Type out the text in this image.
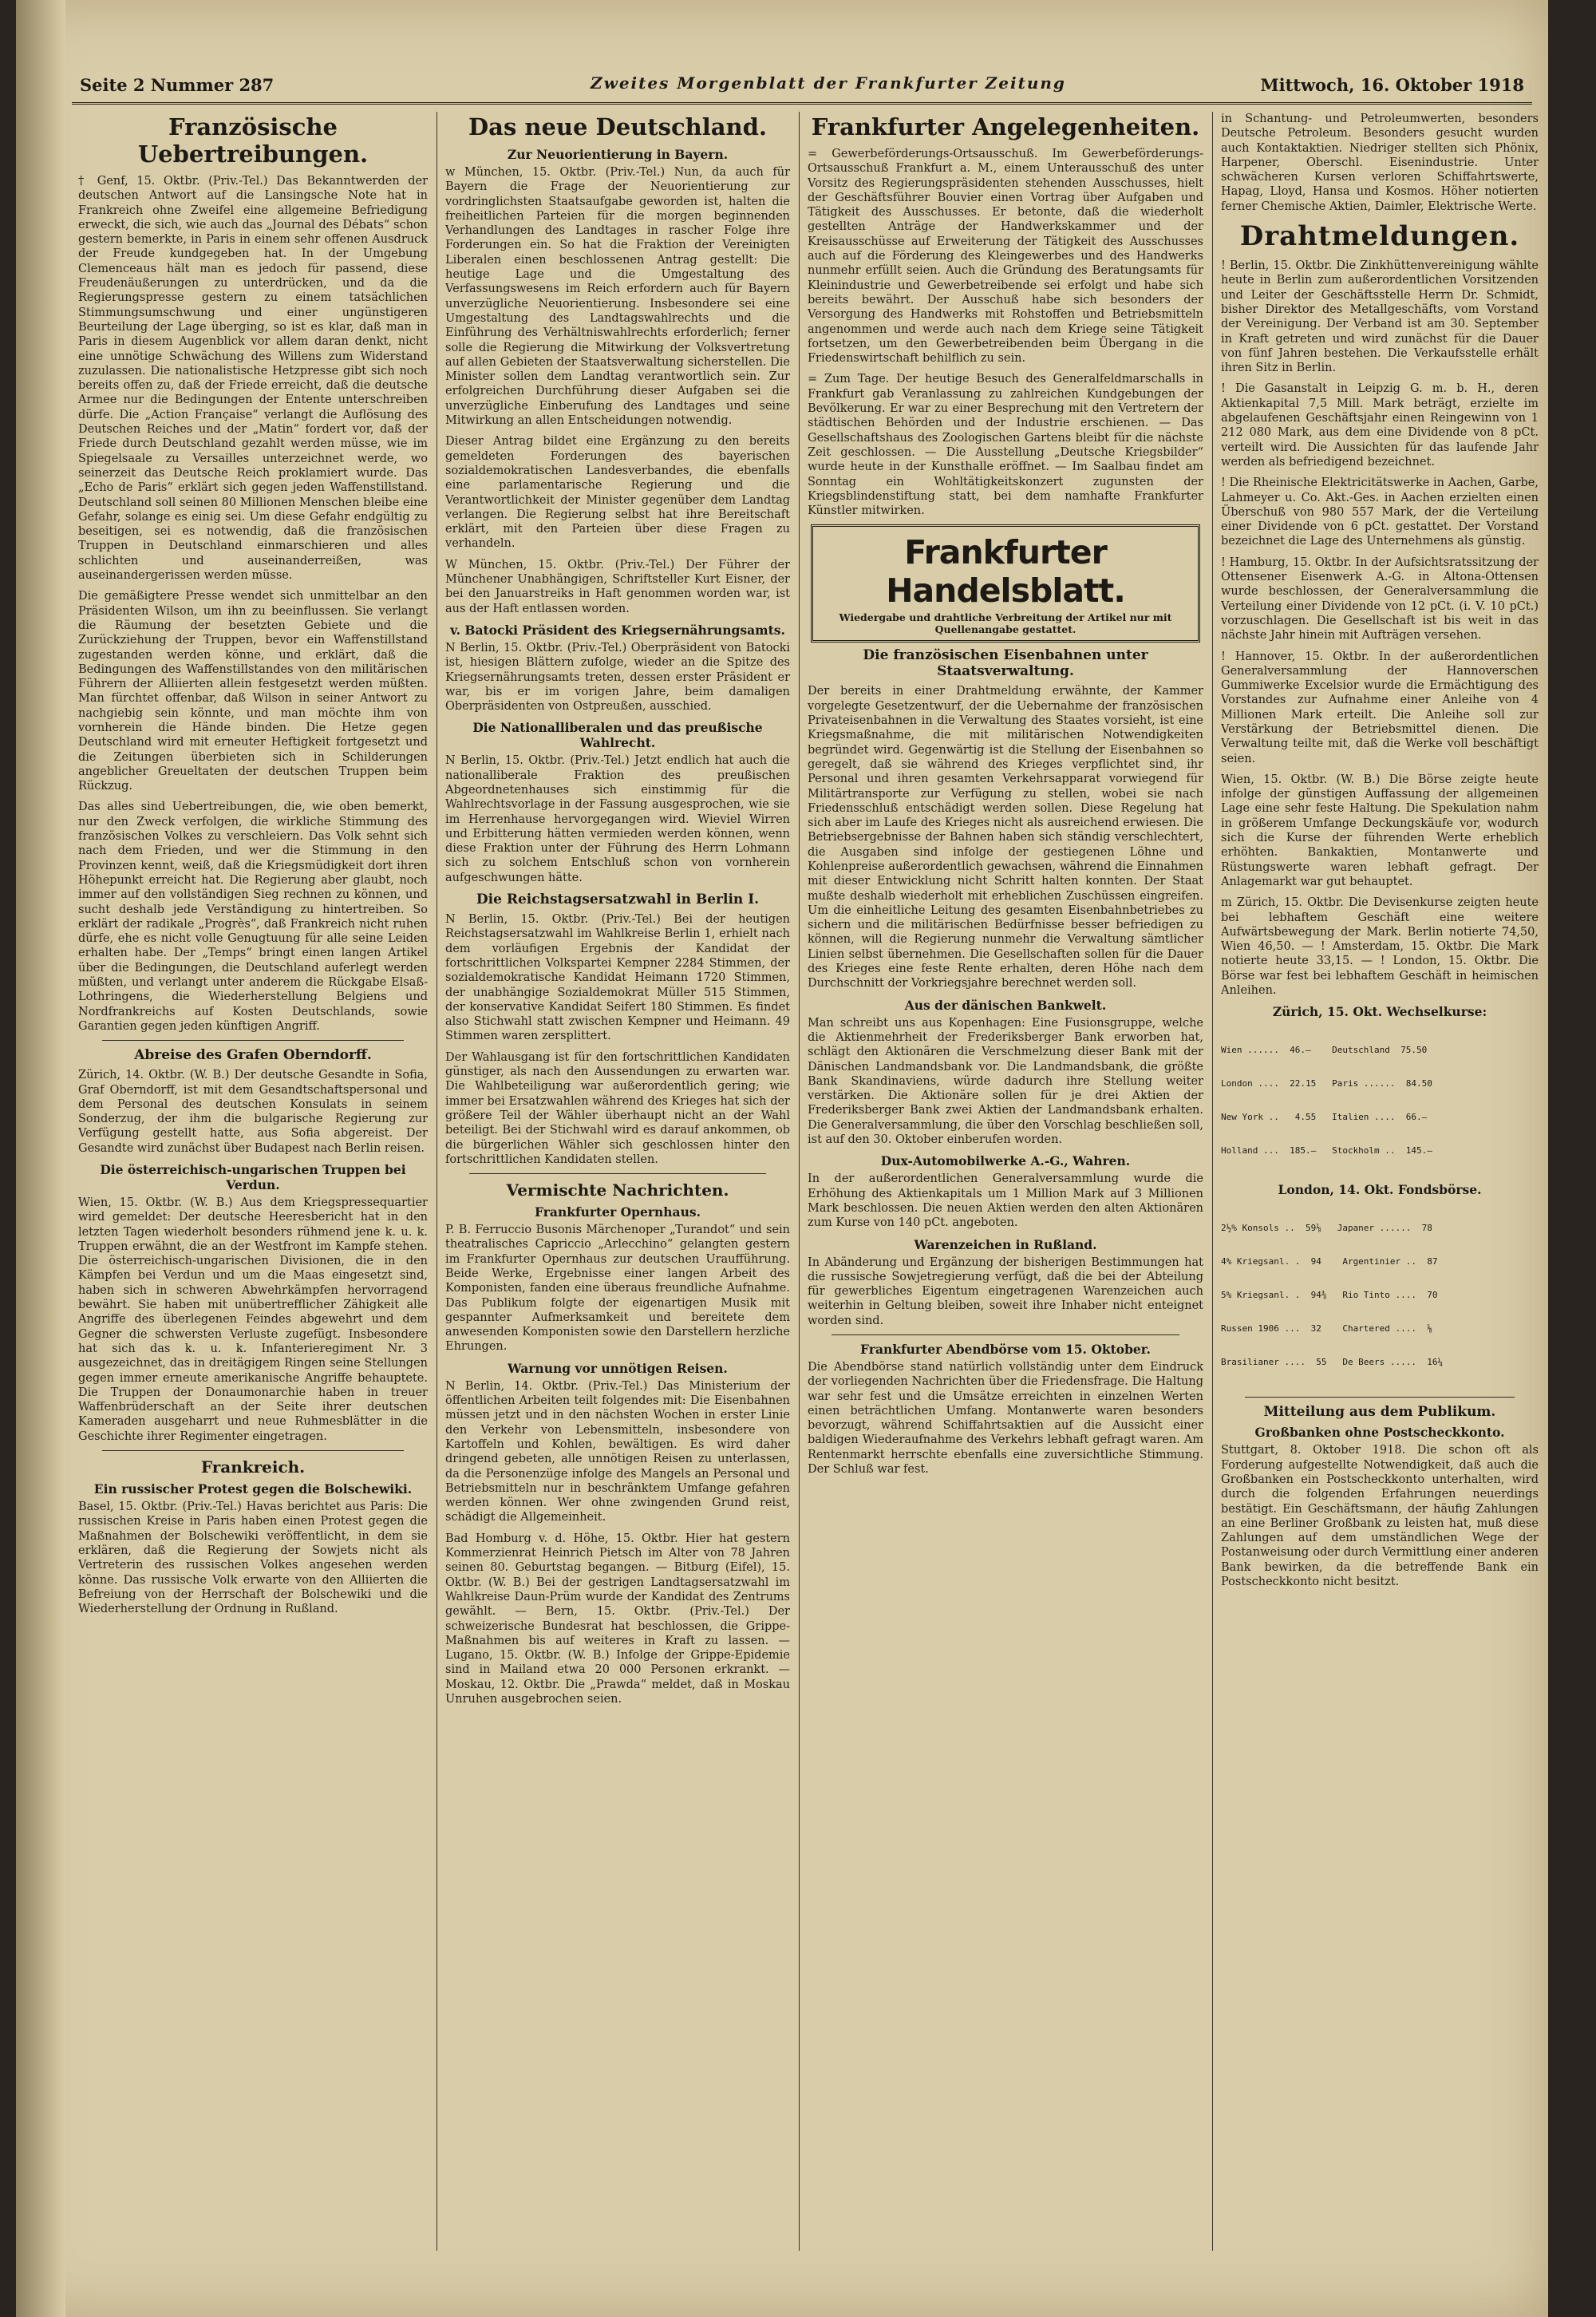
Seite 2 Nummer 287	Zweites Morgenblatt der Frankfurter Zeitung	Mittwoch, 16. Oktober 1918
Französische Uebertreibungen.

† Genf, 15. Oktbr. (Priv.-Tel.) Das Bekanntwerden der deutschen Antwort auf die Lansingsche Note hat in Frankreich ohne Zweifel eine allgemeine Befriedigung erweckt, die sich, wie auch das „Journal des Débats“ schon gestern bemerkte, in Paris in einem sehr offenen Ausdruck der Freude kundgegeben hat. In der Umgebung Clemenceaus hält man es jedoch für passend, diese Freudenäußerungen zu unterdrücken, und da die Regierungspresse gestern zu einem tatsächlichen Stimmungsumschwung und einer ungünstigeren Beurteilung der Lage überging, so ist es klar, daß man in Paris in diesem Augenblick vor allem daran denkt, nicht eine unnötige Schwächung des Willens zum Widerstand zuzulassen. Die nationalistische Hetzpresse gibt sich noch bereits offen zu, daß der Friede erreicht, daß die deutsche Armee nur die Bedingungen der Entente unterschreiben dürfe. Die „Action Française“ verlangt die Auflösung des Deutschen Reiches und der „Matin“ fordert vor, daß der Friede durch Deutschland gezahlt werden müsse, wie im Spiegelsaale zu Versailles unterzeichnet werde, wo seinerzeit das Deutsche Reich proklamiert wurde. Das „Echo de Paris“ erklärt sich gegen jeden Waffenstillstand. Deutschland soll seinen 80 Millionen Menschen bleibe eine Gefahr, solange es einig sei. Um diese Gefahr endgültig zu beseitigen, sei es notwendig, daß die französischen Truppen in Deutschland einmarschieren und alles schlichten und auseinanderreißen, was auseinandergerissen werden müsse.

Die gemäßigtere Presse wendet sich unmittelbar an den Präsidenten Wilson, um ihn zu beeinflussen. Sie verlangt die Räumung der besetzten Gebiete und die Zurückziehung der Truppen, bevor ein Waffenstillstand zugestanden werden könne, und erklärt, daß die Bedingungen des Waffenstillstandes von den militärischen Führern der Alliierten allein festgesetzt werden müßten. Man fürchtet offenbar, daß Wilson in seiner Antwort zu nachgiebig sein könnte, und man möchte ihm von vornherein die Hände binden. Die Hetze gegen Deutschland wird mit erneuter Heftigkeit fortgesetzt und die Zeitungen überbieten sich in Schilderungen angeblicher Greueltaten der deutschen Truppen beim Rückzug.

Das alles sind Uebertreibungen, die, wie oben bemerkt, nur den Zweck verfolgen, die wirkliche Stimmung des französischen Volkes zu verschleiern. Das Volk sehnt sich nach dem Frieden, und wer die Stimmung in den Provinzen kennt, weiß, daß die Kriegsmüdigkeit dort ihren Höhepunkt erreicht hat. Die Regierung aber glaubt, noch immer auf den vollständigen Sieg rechnen zu können, und sucht deshalb jede Verständigung zu hintertreiben. So erklärt der radikale „Progrès“, daß Frankreich nicht ruhen dürfe, ehe es nicht volle Genugtuung für alle seine Leiden erhalten habe. Der „Temps“ bringt einen langen Artikel über die Bedingungen, die Deutschland auferlegt werden müßten, und verlangt unter anderem die Rückgabe Elsaß-Lothringens, die Wiederherstellung Belgiens und Nordfrankreichs auf Kosten Deutschlands, sowie Garantien gegen jeden künftigen Angriff.

Abreise des Grafen Oberndorff.

Zürich, 14. Oktbr. (W. B.) Der deutsche Gesandte in Sofia, Graf Oberndorff, ist mit dem Gesandtschaftspersonal und dem Personal des deutschen Konsulats in seinem Sonderzug, der ihm die bulgarische Regierung zur Verfügung gestellt hatte, aus Sofia abgereist. Der Gesandte wird zunächst über Budapest nach Berlin reisen.

Die österreichisch-ungarischen Truppen bei Verdun.

Wien, 15. Oktbr. (W. B.) Aus dem Kriegspressequartier wird gemeldet: Der deutsche Heeresbericht hat in den letzten Tagen wiederholt besonders rühmend jene k. u. k. Truppen erwähnt, die an der Westfront im Kampfe stehen. Die österreichisch-ungarischen Divisionen, die in den Kämpfen bei Verdun und um die Maas eingesetzt sind, haben sich in schweren Abwehrkämpfen hervorragend bewährt. Sie haben mit unübertrefflicher Zähigkeit alle Angriffe des überlegenen Feindes abgewehrt und dem Gegner die schwersten Verluste zugefügt. Insbesondere hat sich das k. u. k. Infanterieregiment Nr. 3 ausgezeichnet, das in dreitägigem Ringen seine Stellungen gegen immer erneute amerikanische Angriffe behauptete. Die Truppen der Donaumonarchie haben in treuer Waffenbrüderschaft an der Seite ihrer deutschen Kameraden ausgeharrt und neue Ruhmesblätter in die Geschichte ihrer Regimenter eingetragen.

Frankreich.
Ein russischer Protest gegen die Bolschewiki.

Basel, 15. Oktbr. (Priv.-Tel.) Havas berichtet aus Paris: Die russischen Kreise in Paris haben einen Protest gegen die Maßnahmen der Bolschewiki veröffentlicht, in dem sie erklären, daß die Regierung der Sowjets nicht als Vertreterin des russischen Volkes angesehen werden könne. Das russische Volk erwarte von den Alliierten die Befreiung von der Herrschaft der Bolschewiki und die Wiederherstellung der Ordnung in Rußland.

Das neue Deutschland.
Zur Neuorientierung in Bayern.

w München, 15. Oktbr. (Priv.-Tel.) Nun, da auch für Bayern die Frage der Neuorientierung zur vordringlichsten Staatsaufgabe geworden ist, halten die freiheitlichen Parteien für die morgen beginnenden Verhandlungen des Landtages in rascher Folge ihre Forderungen ein. So hat die Fraktion der Vereinigten Liberalen einen beschlossenen Antrag gestellt: Die heutige Lage und die Umgestaltung des Verfassungswesens im Reich erfordern auch für Bayern unverzügliche Neuorientierung. Insbesondere sei eine Umgestaltung des Landtagswahlrechts und die Einführung des Verhältniswahlrechts erforderlich; ferner solle die Regierung die Mitwirkung der Volksvertretung auf allen Gebieten der Staatsverwaltung sicherstellen. Die Minister sollen dem Landtag verantwortlich sein. Zur erfolgreichen Durchführung dieser Aufgaben sei die unverzügliche Einberufung des Landtages und seine Mitwirkung an allen Entscheidungen notwendig.

Dieser Antrag bildet eine Ergänzung zu den bereits gemeldeten Forderungen des bayerischen sozialdemokratischen Landesverbandes, die ebenfalls eine parlamentarische Regierung und die Verantwortlichkeit der Minister gegenüber dem Landtag verlangen. Die Regierung selbst hat ihre Bereitschaft erklärt, mit den Parteien über diese Fragen zu verhandeln.

W München, 15. Oktbr. (Priv.-Tel.) Der Führer der Münchener Unabhängigen, Schriftsteller Kurt Eisner, der bei den Januarstreiks in Haft genommen worden war, ist aus der Haft entlassen worden.

v. Batocki Präsident des Kriegsernährungsamts.

N Berlin, 15. Oktbr. (Priv.-Tel.) Oberpräsident von Batocki ist, hiesigen Blättern zufolge, wieder an die Spitze des Kriegsernährungsamts treten, dessen erster Präsident er war, bis er im vorigen Jahre, beim damaligen Oberpräsidenten von Ostpreußen, ausschied.

Die Nationalliberalen und das preußische Wahlrecht.

N Berlin, 15. Oktbr. (Priv.-Tel.) Jetzt endlich hat auch die nationalliberale Fraktion des preußischen Abgeordnetenhauses sich einstimmig für die Wahlrechtsvorlage in der Fassung ausgesprochen, wie sie im Herrenhause hervorgegangen wird. Wieviel Wirren und Erbitterung hätten vermieden werden können, wenn diese Fraktion unter der Führung des Herrn Lohmann sich zu solchem Entschluß schon von vornherein aufgeschwungen hätte.

Die Reichstagsersatzwahl in Berlin I.

N Berlin, 15. Oktbr. (Priv.-Tel.) Bei der heutigen Reichstagsersatzwahl im Wahlkreise Berlin 1, erhielt nach dem vorläufigen Ergebnis der Kandidat der fortschrittlichen Volkspartei Kempner 2284 Stimmen, der sozialdemokratische Kandidat Heimann 1720 Stimmen, der unabhängige Sozialdemokrat Müller 515 Stimmen, der konservative Kandidat Seifert 180 Stimmen. Es findet also Stichwahl statt zwischen Kempner und Heimann. 49 Stimmen waren zersplittert.

Der Wahlausgang ist für den fortschrittlichen Kandidaten günstiger, als nach den Aussendungen zu erwarten war. Die Wahlbeteiligung war außerordentlich gering; wie immer bei Ersatzwahlen während des Krieges hat sich der größere Teil der Wähler überhaupt nicht an der Wahl beteiligt. Bei der Stichwahl wird es darauf ankommen, ob die bürgerlichen Wähler sich geschlossen hinter den fortschrittlichen Kandidaten stellen.

Vermischte Nachrichten.
Frankfurter Opernhaus.

P. B. Ferruccio Busonis Märchenoper „Turandot“ und sein theatralisches Capriccio „Arlecchino“ gelangten gestern im Frankfurter Opernhaus zur deutschen Uraufführung. Beide Werke, Ergebnisse einer langen Arbeit des Komponisten, fanden eine überaus freundliche Aufnahme. Das Publikum folgte der eigenartigen Musik mit gespannter Aufmerksamkeit und bereitete dem anwesenden Komponisten sowie den Darstellern herzliche Ehrungen.

Warnung vor unnötigen Reisen.

N Berlin, 14. Oktbr. (Priv.-Tel.) Das Ministerium der öffentlichen Arbeiten teilt folgendes mit: Die Eisenbahnen müssen jetzt und in den nächsten Wochen in erster Linie den Verkehr von Lebensmitteln, insbesondere von Kartoffeln und Kohlen, bewältigen. Es wird daher dringend gebeten, alle unnötigen Reisen zu unterlassen, da die Personenzüge infolge des Mangels an Personal und Betriebsmitteln nur in beschränktem Umfange gefahren werden können. Wer ohne zwingenden Grund reist, schädigt die Allgemeinheit.

Bad Homburg v. d. Höhe, 15. Oktbr. Hier hat gestern Kommerzienrat Heinrich Pietsch im Alter von 78 Jahren seinen 80. Geburtstag begangen. — Bitburg (Eifel), 15. Oktbr. (W. B.) Bei der gestrigen Landtagsersatzwahl im Wahlkreise Daun-Prüm wurde der Kandidat des Zentrums gewählt. — Bern, 15. Oktbr. (Priv.-Tel.) Der schweizerische Bundesrat hat beschlossen, die Grippe-Maßnahmen bis auf weiteres in Kraft zu lassen. — Lugano, 15. Oktbr. (W. B.) Infolge der Grippe-Epidemie sind in Mailand etwa 20 000 Personen erkrankt. — Moskau, 12. Oktbr. Die „Prawda“ meldet, daß in Moskau Unruhen ausgebrochen seien.

Frankfurter Angelegenheiten.

= Gewerbeförderungs-Ortsausschuß. Im Gewerbeförderungs-Ortsausschuß Frankfurt a. M., einem Unterausschuß des unter Vorsitz des Regierungspräsidenten stehenden Ausschusses, hielt der Geschäftsführer Bouvier einen Vortrag über Aufgaben und Tätigkeit des Ausschusses. Er betonte, daß die wiederholt gestellten Anträge der Handwerkskammer und der Kreisausschüsse auf Erweiterung der Tätigkeit des Ausschusses auch auf die Förderung des Kleingewerbes und des Handwerks nunmehr erfüllt seien. Auch die Gründung des Beratungsamts für Kleinindustrie und Gewerbetreibende sei erfolgt und habe sich bereits bewährt. Der Ausschuß habe sich besonders der Versorgung des Handwerks mit Rohstoffen und Betriebsmitteln angenommen und werde auch nach dem Kriege seine Tätigkeit fortsetzen, um den Gewerbetreibenden beim Übergang in die Friedenswirtschaft behilflich zu sein.

= Zum Tage. Der heutige Besuch des Generalfeldmarschalls in Frankfurt gab Veranlassung zu zahlreichen Kundgebungen der Bevölkerung. Er war zu einer Besprechung mit den Vertretern der städtischen Behörden und der Industrie erschienen. — Das Gesellschaftshaus des Zoologischen Gartens bleibt für die nächste Zeit geschlossen. — Die Ausstellung „Deutsche Kriegsbilder“ wurde heute in der Kunsthalle eröffnet. — Im Saalbau findet am Sonntag ein Wohltätigkeitskonzert zugunsten der Kriegsblindenstiftung statt, bei dem namhafte Frankfurter Künstler mitwirken.

Frankfurter Handelsblatt.
Wiedergabe und drahtliche Verbreitung der Artikel nur mit Quellenangabe gestattet.
Die französischen Eisenbahnen unter Staatsverwaltung.

Der bereits in einer Drahtmeldung erwähnte, der Kammer vorgelegte Gesetzentwurf, der die Uebernahme der französischen Privateisenbahnen in die Verwaltung des Staates vorsieht, ist eine Kriegsmaßnahme, die mit militärischen Notwendigkeiten begründet wird. Gegenwärtig ist die Stellung der Eisenbahnen so geregelt, daß sie während des Krieges verpflichtet sind, ihr Personal und ihren gesamten Verkehrsapparat vorwiegend für Militärtransporte zur Verfügung zu stellen, wobei sie nach Friedensschluß entschädigt werden sollen. Diese Regelung hat sich aber im Laufe des Krieges nicht als ausreichend erwiesen. Die Betriebsergebnisse der Bahnen haben sich ständig verschlechtert, die Ausgaben sind infolge der gestiegenen Löhne und Kohlenpreise außerordentlich gewachsen, während die Einnahmen mit dieser Entwicklung nicht Schritt halten konnten. Der Staat mußte deshalb wiederholt mit erheblichen Zuschüssen eingreifen. Um die einheitliche Leitung des gesamten Eisenbahnbetriebes zu sichern und die militärischen Bedürfnisse besser befriedigen zu können, will die Regierung nunmehr die Verwaltung sämtlicher Linien selbst übernehmen. Die Gesellschaften sollen für die Dauer des Krieges eine feste Rente erhalten, deren Höhe nach dem Durchschnitt der Vorkriegsjahre berechnet werden soll.

Aus der dänischen Bankwelt.

Man schreibt uns aus Kopenhagen: Eine Fusionsgruppe, welche die Aktienmehrheit der Frederiksberger Bank erworben hat, schlägt den Aktionären die Verschmelzung dieser Bank mit der Dänischen Landmandsbank vor. Die Landmandsbank, die größte Bank Skandinaviens, würde dadurch ihre Stellung weiter verstärken. Die Aktionäre sollen für je drei Aktien der Frederiksberger Bank zwei Aktien der Landmandsbank erhalten. Die Generalversammlung, die über den Vorschlag beschließen soll, ist auf den 30. Oktober einberufen worden.

Dux-Automobilwerke A.-G., Wahren.

In der außerordentlichen Generalversammlung wurde die Erhöhung des Aktienkapitals um 1 Million Mark auf 3 Millionen Mark beschlossen. Die neuen Aktien werden den alten Aktionären zum Kurse von 140 pCt. angeboten.

Warenzeichen in Rußland.

In Abänderung und Ergänzung der bisherigen Bestimmungen hat die russische Sowjetregierung verfügt, daß die bei der Abteilung für gewerbliches Eigentum eingetragenen Warenzeichen auch weiterhin in Geltung bleiben, soweit ihre Inhaber nicht enteignet worden sind.

Frankfurter Abendbörse vom 15. Oktober.

Die Abendbörse stand natürlich vollständig unter dem Eindruck der vorliegenden Nachrichten über die Friedensfrage. Die Haltung war sehr fest und die Umsätze erreichten in einzelnen Werten einen beträchtlichen Umfang. Montanwerte waren besonders bevorzugt, während Schiffahrtsaktien auf die Aussicht einer baldigen Wiederaufnahme des Verkehrs lebhaft gefragt waren. Am Rentenmarkt herrschte ebenfalls eine zuversichtliche Stimmung. Der Schluß war fest.

in Schantung- und Petroleumwerten, besonders Deutsche Petroleum. Besonders gesucht wurden auch Kontaktaktien. Niedriger stellten sich Phönix, Harpener, Oberschl. Eisenindustrie. Unter schwächeren Kursen verloren Schiffahrtswerte, Hapag, Lloyd, Hansa und Kosmos. Höher notierten ferner Chemische Aktien, Daimler, Elektrische Werte.

Drahtmeldungen.

! Berlin, 15. Oktbr. Die Zinkhüttenvereinigung wählte heute in Berlin zum außerordentlichen Vorsitzenden und Leiter der Geschäftsstelle Herrn Dr. Schmidt, bisher Direktor des Metallgeschäfts, vom Vorstand der Vereinigung. Der Verband ist am 30. September in Kraft getreten und wird zunächst für die Dauer von fünf Jahren bestehen. Die Verkaufsstelle erhält ihren Sitz in Berlin.

! Die Gasanstalt in Leipzig G. m. b. H., deren Aktienkapital 7,5 Mill. Mark beträgt, erzielte im abgelaufenen Geschäftsjahr einen Reingewinn von 1 212 080 Mark, aus dem eine Dividende von 8 pCt. verteilt wird. Die Aussichten für das laufende Jahr werden als befriedigend bezeichnet.

! Die Rheinische Elektricitätswerke in Aachen, Garbe, Lahmeyer u. Co. Akt.-Ges. in Aachen erzielten einen Überschuß von 980 557 Mark, der die Verteilung einer Dividende von 6 pCt. gestattet. Der Vorstand bezeichnet die Lage des Unternehmens als günstig.

! Hamburg, 15. Oktbr. In der Aufsichtsratssitzung der Ottensener Eisenwerk A.-G. in Altona-Ottensen wurde beschlossen, der Generalversammlung die Verteilung einer Dividende von 12 pCt. (i. V. 10 pCt.) vorzuschlagen. Die Gesellschaft ist bis weit in das nächste Jahr hinein mit Aufträgen versehen.

! Hannover, 15. Oktbr. In der außerordentlichen Generalversammlung der Hannoverschen Gummiwerke Excelsior wurde die Ermächtigung des Vorstandes zur Aufnahme einer Anleihe von 4 Millionen Mark erteilt. Die Anleihe soll zur Verstärkung der Betriebsmittel dienen. Die Verwaltung teilte mit, daß die Werke voll beschäftigt seien.

Wien, 15. Oktbr. (W. B.) Die Börse zeigte heute infolge der günstigen Auffassung der allgemeinen Lage eine sehr feste Haltung. Die Spekulation nahm in größerem Umfange Deckungskäufe vor, wodurch sich die Kurse der führenden Werte erheblich erhöhten. Bankaktien, Montanwerte und Rüstungswerte waren lebhaft gefragt. Der Anlagemarkt war gut behauptet.

m Zürich, 15. Oktbr. Die Devisenkurse zeigten heute bei lebhaftem Geschäft eine weitere Aufwärtsbewegung der Mark. Berlin notierte 74,50, Wien 46,50. — ! Amsterdam, 15. Oktbr. Die Mark notierte heute 33,15. — ! London, 15. Oktbr. Die Börse war fest bei lebhaftem Geschäft in heimischen Anleihen.

Zürich, 15. Okt. Wechselkurse:

Wien ......  46.—    Deutschland  75.50

London ....  22.15   Paris ......  84.50

New York ..   4.55   Italien ....  66.—

Holland ...  185.—   Stockholm ..  145.—

London, 14. Okt. Fondsbörse.

2½% Konsols ..  59⅛   Japaner ......  78

4% Kriegsanl. .  94    Argentinier ..  87

5% Kriegsanl. .  94⅜   Rio Tinto ....  70

Russen 1906 ...  32    Chartered ....  ⅝

Brasilianer ....  55   De Beers .....  16¼

Mitteilung aus dem Publikum.
Großbanken ohne Postscheckkonto.

Stuttgart, 8. Oktober 1918. Die schon oft als Forderung aufgestellte Notwendigkeit, daß auch die Großbanken ein Postscheckkonto unterhalten, wird durch die folgenden Erfahrungen neuerdings bestätigt. Ein Geschäftsmann, der häufig Zahlungen an eine Berliner Großbank zu leisten hat, muß diese Zahlungen auf dem umständlichen Wege der Postanweisung oder durch Vermittlung einer anderen Bank bewirken, da die betreffende Bank ein Postscheckkonto nicht besitzt.
